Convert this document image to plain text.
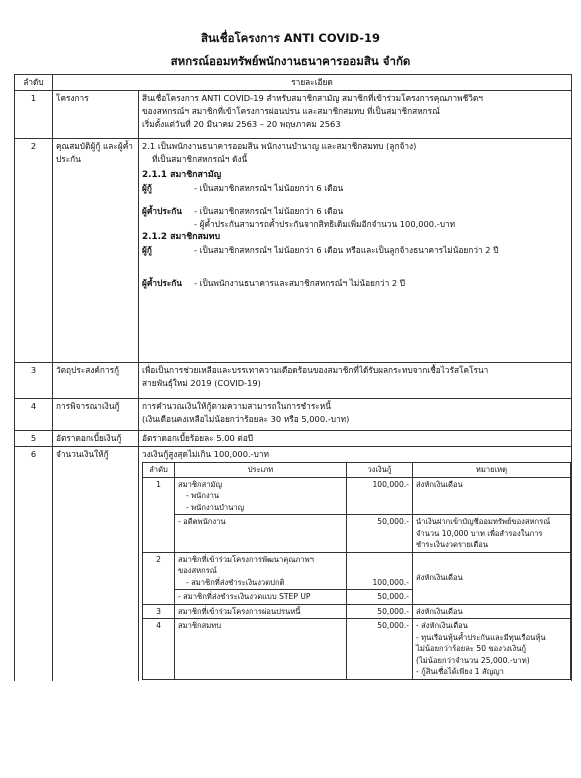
สินเชื่อโครงการ ANTI COVID-19
สหกรณ์ออมทรัพย์พนักงานธนาคารออมสิน จำกัด
ลำดับ	รายละเอียด
1	โครงการ	สินเชื่อโครงการ ANTI COVID-19 สำหรับสมาชิกสามัญ สมาชิกที่เข้าร่วมโครงการคุณภาพชีวิตฯ
ของสหกรณ์ฯ สมาชิกที่เข้าโครงการผ่อนปรน และสมาชิกสมทบ ที่เป็นสมาชิกสหกรณ์
เริ่มตั้งแต่วันที่ 20 มีนาคม 2563 – 20 พฤษภาคม 2563

2	คุณสมบัติผู้กู้ และผู้ค้ำประกัน	
2.1 เป็นพนักงานธนาคารออมสิน พนักงานบำนาญ และสมาชิกสมทบ (ลูกจ้าง)
ที่เป็นสมาชิกสหกรณ์ฯ ดังนี้
2.1.1 สมาชิกสามัญ
ผู้กู้	- เป็นสมาชิกสหกรณ์ฯ ไม่น้อยกว่า 6 เดือน
ผู้ค้ำประกัน - เป็นสมาชิกสหกรณ์ฯ ไม่น้อยกว่า 6 เดือน
- ผู้ค้ำประกันสามารถค้ำประกันจากสิทธิเดิมเพิ่มอีกจำนวน 100,000.-บาท
2.1.2 สมาชิกสมทบ
ผู้กู้	- เป็นสมาชิกสหกรณ์ฯ ไม่น้อยกว่า 6 เดือน หรือและเป็นลูกจ้างธนาคารไม่น้อยกว่า 2 ปี
ผู้ค้ำประกัน - เป็นพนักงานธนาคารและสมาชิกสหกรณ์ฯ ไม่น้อยกว่า 2 ปี

3	วัตถุประสงค์การกู้	เพื่อเป็นการช่วยเหลือและบรรเทาความเดือดร้อนของสมาชิกที่ได้รับผลกระทบจากเชื้อไวรัสโคโรนา
สายพันธุ์ใหม่ 2019 (COVID-19)

4	การพิจารณาเงินกู้	การคำนวณเงินให้กู้ตามความสามารถในการชำระหนี้
(เงินเดือนคงเหลือไม่น้อยกว่าร้อยละ 30 หรือ 5,000.-บาท)

5	อัตราดอกเบี้ยเงินกู้	อัตราดอกเบี้ยร้อยละ 5.00 ต่อปี

6	จำนวนเงินให้กู้	วงเงินกู้สูงสุดไม่เกิน 100,000.-บาท
ลำดับ	ประเภท	วงเงินกู้	หมายเหตุ
1	สมาชิกสามัญ
- พนักงาน
- พนักงานบำนาญ
	100,000.-	ส่งหักเงินเดือน
- อดีตพนักงาน	50,000.-	นำเงินฝากเข้าบัญชีออมทรัพย์ของสหกรณ์
จำนวน 10,000 บาท เพื่อสำรองในการ
ชำระเงินงวดรายเดือน

2	สมาชิกที่เข้าร่วมโครงการพัฒนาคุณภาพฯ
ของสหกรณ์
- สมาชิกที่ส่งชำระเงินงวดปกติ	100,000.-	ส่งหักเงินเดือน
- สมาชิกที่ส่งชำระเงินงวดแบบ STEP UP	50,000.-
3	สมาชิกที่เข้าร่วมโครงการผ่อนปรนหนี้	50,000.-	ส่งหักเงินเดือน
4	สมาชิกสมทบ	50,000.-	- ส่งหักเงินเดือน
- ทุนเรือนหุ้นค้ำประกันและมีทุนเรือนหุ้น
ไม่น้อยกว่าร้อยละ 50 ของวงเงินกู้
(ไม่น้อยกว่าจำนวน 25,000.-บาท)
- กู้สินเชื่อได้เพียง 1 สัญญา
